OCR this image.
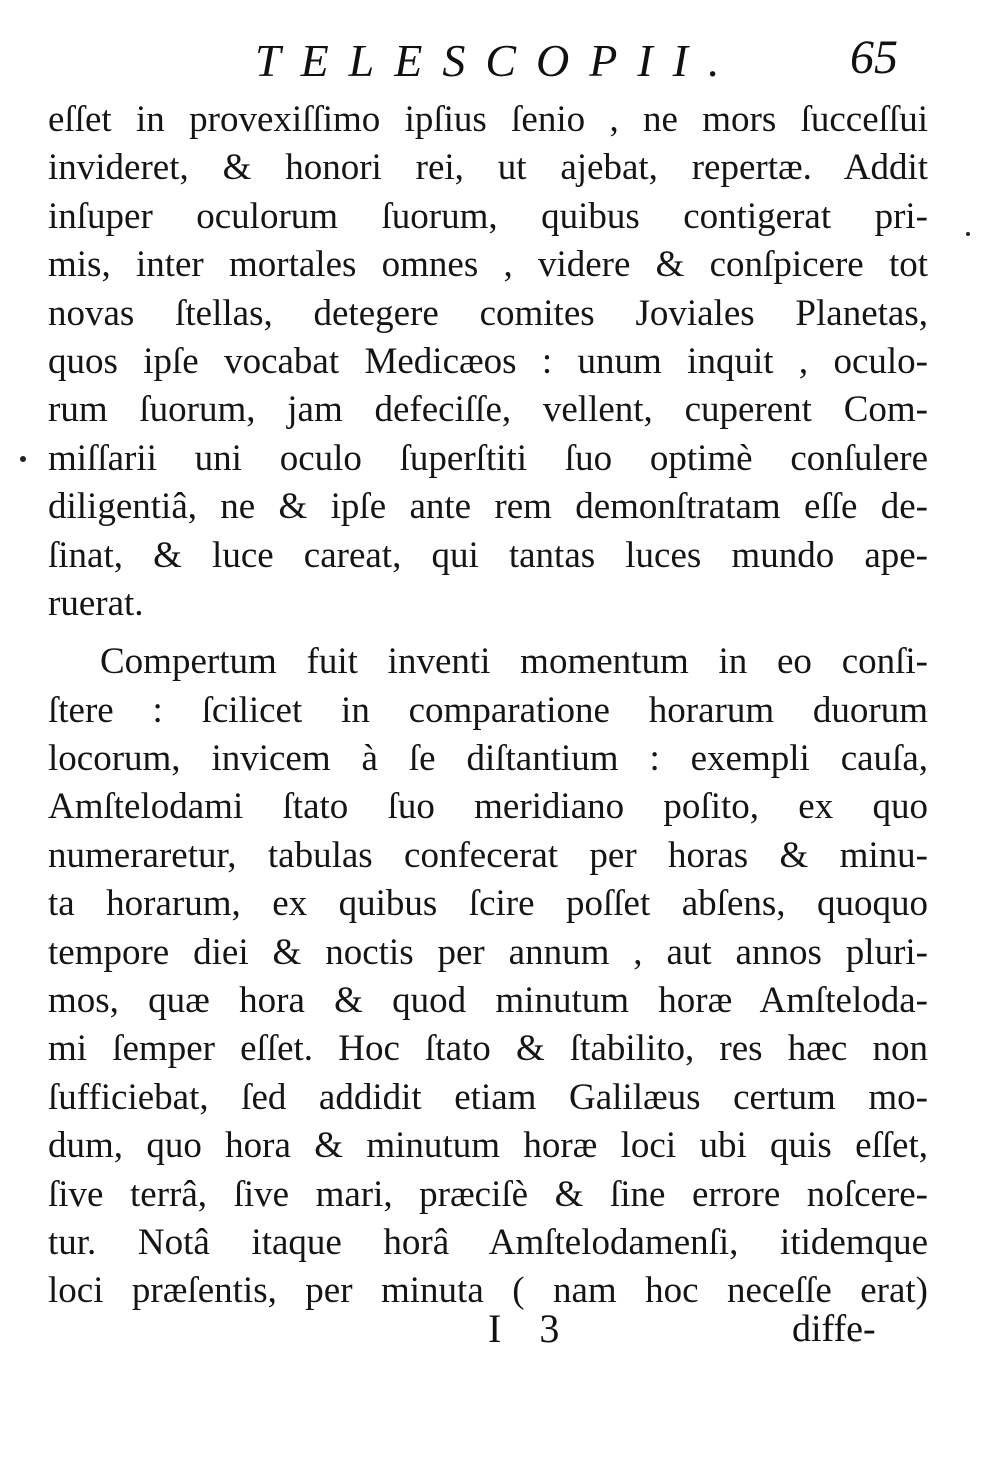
TELESCOPII. 65
eſſet in provexiſſimo ipſius ſenio , ne mors ſucceſſui
invideret, & honori rei, ut ajebat, repertæ. Addit
inſuper oculorum ſuorum, quibus contigerat pri-
mis, inter mortales omnes , videre & conſpicere tot
novas ſtellas, detegere comites Joviales Planetas,
quos ipſe vocabat Medicæos : unum inquit , oculo-
rum ſuorum, jam defeciſſe, vellent, cuperent Com-
miſſarii uni oculo ſuperſtiti ſuo optimè conſulere
diligentiâ, ne & ipſe ante rem demonſtratam eſſe de-
ſinat, & luce careat, qui tantas luces mundo ape-
ruerat.
Compertum fuit inventi momentum in eo conſi-
ſtere : ſcilicet in comparatione horarum duorum
locorum, invicem à ſe diſtantium : exempli cauſa,
Amſtelodami ſtato ſuo meridiano poſito, ex quo
numeraretur, tabulas confecerat per horas & minu-
ta horarum, ex quibus ſcire poſſet abſens, quoquo
tempore diei & noctis per annum , aut annos pluri-
mos, quæ hora & quod minutum horæ Amſteloda-
mi ſemper eſſet. Hoc ſtato & ſtabilito, res hæc non
ſufficiebat, ſed addidit etiam Galilæus certum mo-
dum, quo hora & minutum horæ loci ubi quis eſſet,
ſive terrâ, ſive mari, præciſè & ſine errore noſcere-
tur. Notâ itaque horâ Amſtelodamenſi, itidemque
loci præſentis, per minuta ( nam hoc neceſſe erat)
I 3	diffe-
